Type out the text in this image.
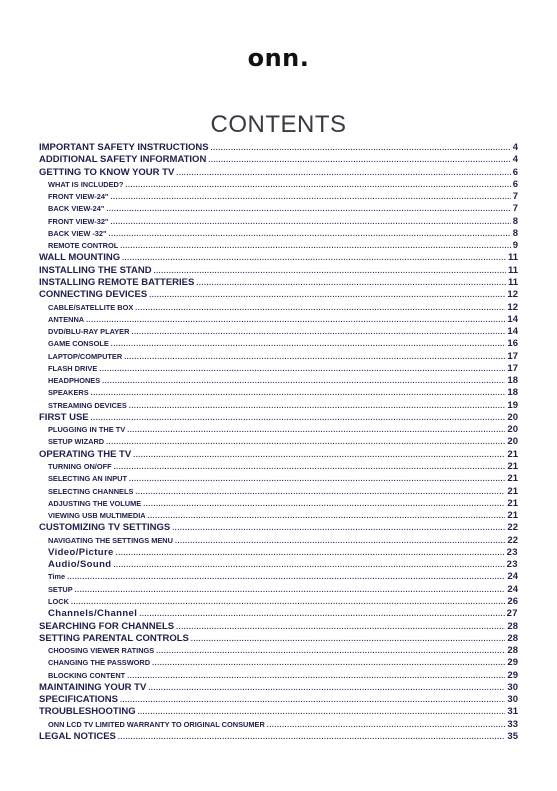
onn.
CONTENTS
IMPORTANT SAFETY INSTRUCTIONS .....	4
ADDITIONAL SAFETY INFORMATION .....	4
GETTING TO KNOW YOUR TV .....	6
WHAT IS INCLUDED? .....	6
FRONT VIEW-24" .....	7
BACK VIEW-24" .....	7
FRONT VIEW-32" .....	8
BACK VIEW -32" .....	8
REMOTE CONTROL .....	9
WALL MOUNTING .....	11
INSTALLING THE STAND .....	11
INSTALLING REMOTE BATTERIES .....	11
CONNECTING DEVICES .....	12
CABLE/SATELLITE BOX .....	12
ANTENNA .....	14
DVD/BLU-RAY PLAYER .....	14
GAME CONSOLE .....	16
LAPTOP/COMPUTER .....	17
FLASH DRIVE .....	17
HEADPHONES .....	18
SPEAKERS .....	18
STREAMING DEVICES .....	19
FIRST USE .....	20
PLUGGING IN THE TV .....	20
SETUP WIZARD .....	20
OPERATING THE TV .....	21
TURNING ON/OFF .....	21
SELECTING AN INPUT .....	21
SELECTING CHANNELS .....	21
ADJUSTING THE VOLUME .....	21
VIEWING USB MULTIMEDIA .....	21
CUSTOMIZING TV SETTINGS .....	22
NAVIGATING THE SETTINGS MENU .....	22
Video/Picture .....	23
Audio/Sound .....	23
Time .....	24
SETUP .....	24
LOCK .....	26
Channels/Channel .....	27
SEARCHING FOR CHANNELS .....	28
SETTING PARENTAL CONTROLS .....	28
CHOOSING VIEWER RATINGS .....	28
CHANGING THE PASSWORD .....	29
BLOCKING CONTENT .....	29
MAINTAINING YOUR TV .....	30
SPECIFICATIONS .....	30
TROUBLESHOOTING .....	31
ONN LCD TV LIMITED WARRANTY TO ORIGINAL CONSUMER .....	33
LEGAL NOTICES .....	35
